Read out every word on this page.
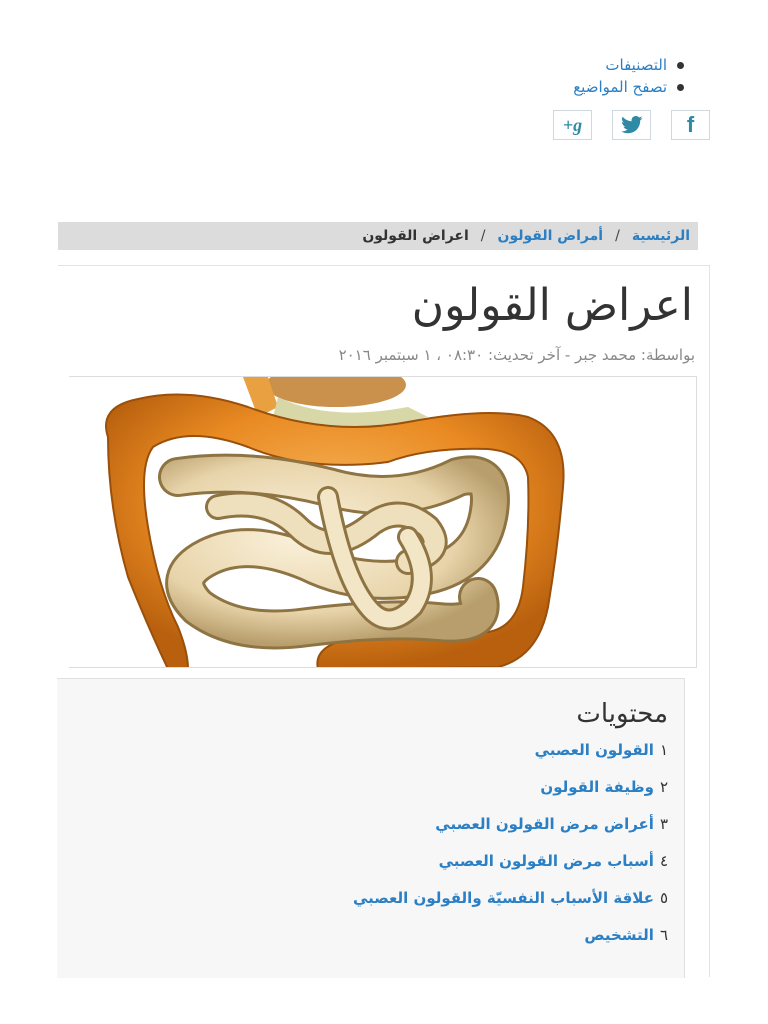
التصنيفات
تصفح المواضيع
f
g+
الرئيسية
/
أمراض القولون
/
اعراض القولون
اعراض القولون
بواسطة: محمد جبر - آخر تحديث: ٠٨:٣٠ ، ١ سبتمبر ٢٠١٦
محتويات
١القولون العصبي
٢وظيفة القولون
٣أعراض مرض القولون العصبي
٤أسباب مرض القولون العصبي
٥علاقة الأسباب النفسيّة والقولون العصبي
٦التشخيص
